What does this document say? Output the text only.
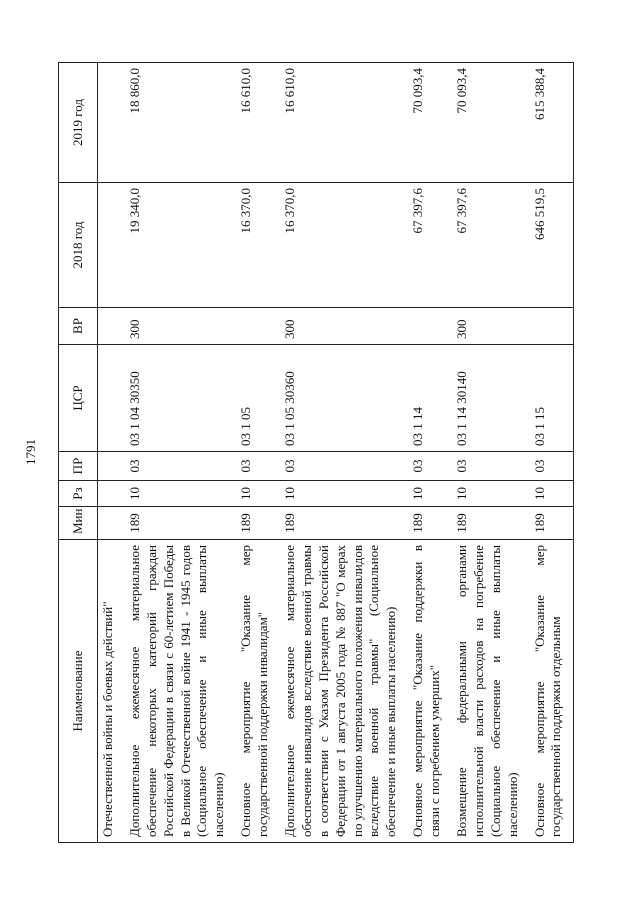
1791
Наименование	Мин	Рз	ПР	ЦСР	ВР	2018 год	2019 год
Отечественной войны и боевых действий"							
Дополнительное ежемесячное материальное обеспечение некоторых категорий граждан Российской Федерации в связи с 60-летием Победы в Великой Отечественной войне 1941 - 1945 годов (Социальное обеспечение и иные выплаты населению)	189	10	03	03 1 04 30350	300	19 340,0	18 860,0
Основное мероприятие "Оказание мер государственной поддержки инвалидам"	189	10	03	03 1 05		16 370,0	16 610,0
Дополнительное ежемесячное материальное обеспечение инвалидов вследствие военной травмы в соответствии с Указом Президента Российской Федерации от 1 августа 2005 года № 887 "О мерах по улучшению материального положения инвалидов вследствие военной травмы" (Социальное обеспечение и иные выплаты населению)	189	10	03	03 1 05 30360	300	16 370,0	16 610,0
Основное мероприятие "Оказание поддержки в связи с погребением умерших"	189	10	03	03 1 14		67 397,6	70 093,4
Возмещение федеральными органами исполнительной власти расходов на погребение (Социальное обеспечение и иные выплаты населению)	189	10	03	03 1 14 30140	300	67 397,6	70 093,4
Основное мероприятие "Оказание мер государственной поддержки отдельным	189	10	03	03 1 15		646 519,5	615 388,4
